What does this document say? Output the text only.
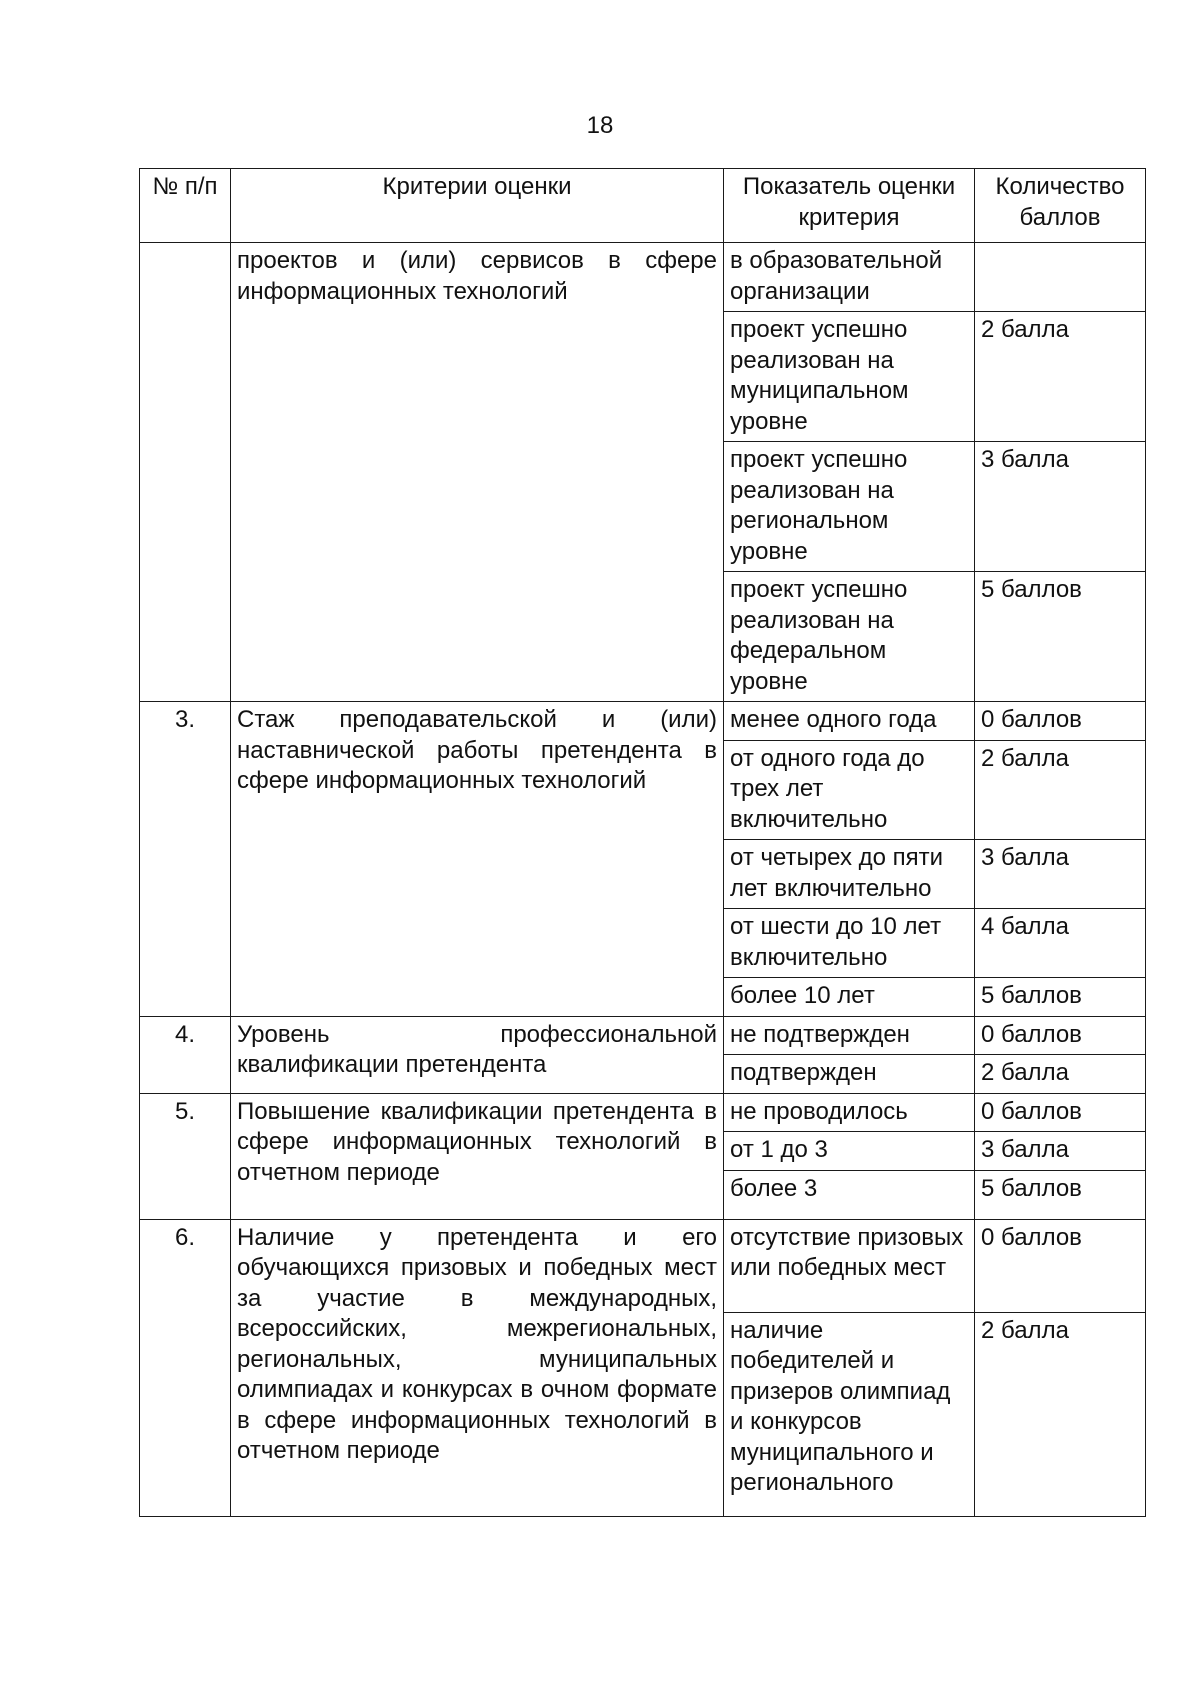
18
№ п/п	Критерии оценки	Показатель оценки критерия	Количество баллов
	проектов и (или) сервисов в сфере информационных технологий	в образовательной организации	
		проект успешно реализован на муниципальном уровне	2 балла
		проект успешно реализован на региональном уровне	3 балла
		проект успешно реализован на федеральном уровне	5 баллов
3.	Стаж преподавательской и (или) наставнической работы претендента в сфере информационных технологий	менее одного года	0 баллов
		от одного года до трех лет включительно	2 балла
		от четырех до пяти лет включительно	3 балла
		от шести до 10 лет включительно	4 балла
		более 10 лет	5 баллов
4.	Уровень профессиональной квалификации претендента	не подтвержден	0 баллов
		подтвержден	2 балла
5.	Повышение квалификации претендента в сфере информационных технологий в отчетном периоде	не проводилось	0 баллов
		от 1 до 3	3 балла
		более 3	5 баллов
6.	Наличие у претендента и его обучающихся призовых и победных мест за участие в международных, всероссийских, межрегиональных, региональных, муниципальных олимпиадах и конкурсах в очном формате в сфере информационных технологий в отчетном периоде	отсутствие призовых или победных мест	0 баллов
		наличие победителей и призеров олимпиад и конкурсов муниципального и регионального	2 балла
